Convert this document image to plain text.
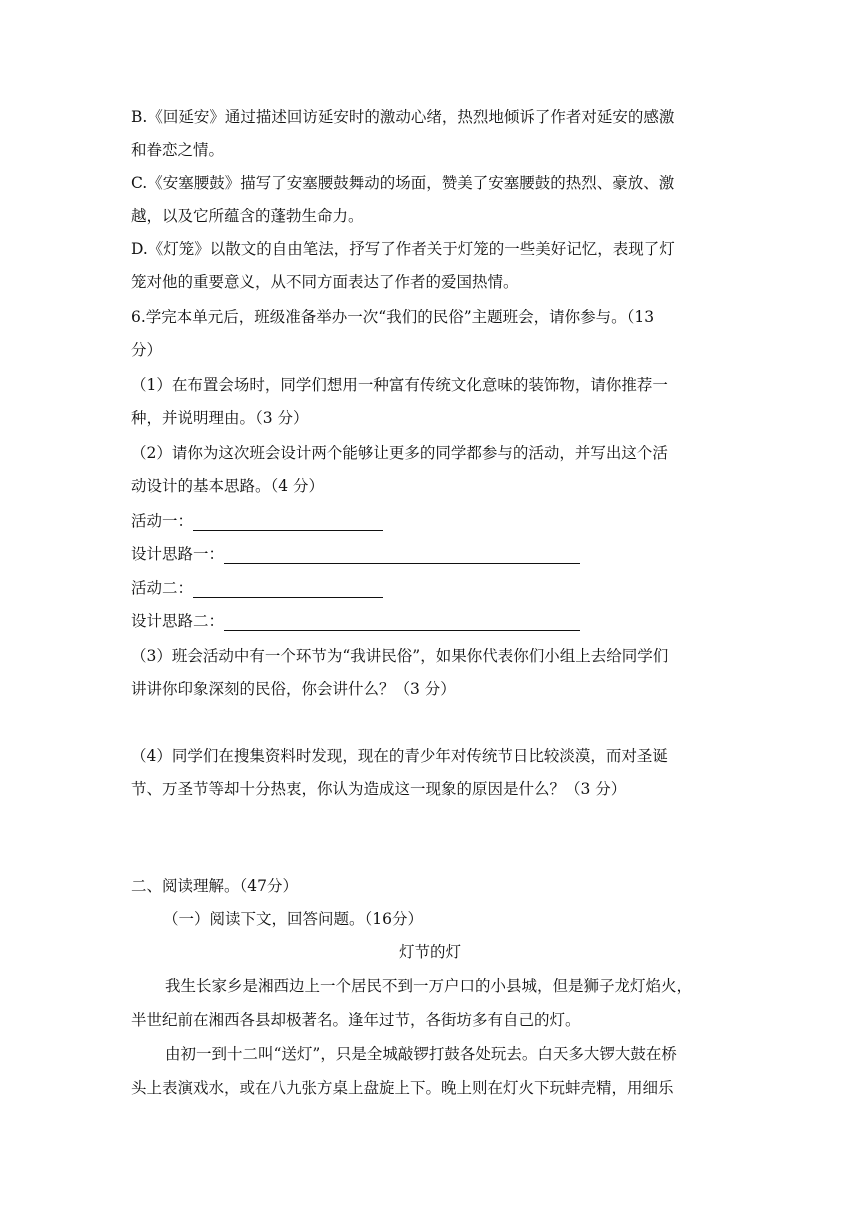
B.《回延安》通过描述回访延安时的激动心绪，热烈地倾诉了作者对延安的感激
和眷恋之情。
C.《安塞腰鼓》描写了安塞腰鼓舞动的场面，赞美了安塞腰鼓的热烈、豪放、激
越，以及它所蕴含的蓬勃生命力。
D.《灯笼》以散文的自由笔法，抒写了作者关于灯笼的一些美好记忆，表现了灯
笼对他的重要意义，从不同方面表达了作者的爱国热情。
6.学完本单元后，班级准备举办一次“我们的民俗”主题班会，请你参与。（13
分）
（1）在布置会场时，同学们想用一种富有传统文化意味的装饰物，请你推荐一
种，并说明理由。（3 分）
（2）请你为这次班会设计两个能够让更多的同学都参与的活动，并写出这个活
动设计的基本思路。（4 分）
活动一：
设计思路一：
活动二：
设计思路二：
（3）班会活动中有一个环节为“我讲民俗”，如果你代表你们小组上去给同学们
讲讲你印象深刻的民俗，你会讲什么？（3 分）
（4）同学们在搜集资料时发现，现在的青少年对传统节日比较淡漠，而对圣诞
节、万圣节等却十分热衷，你认为造成这一现象的原因是什么？（3 分）
二、阅读理解。（47分）
（一）阅读下文，回答问题。（16分）
灯节的灯
我生长家乡是湘西边上一个居民不到一万户口的小县城，但是狮子龙灯焰火，
半世纪前在湘西各县却极著名。逢年过节，各街坊多有自己的灯。
由初一到十二叫“送灯”，只是全城敲锣打鼓各处玩去。白天多大锣大鼓在桥
头上表演戏水，或在八九张方桌上盘旋上下。晚上则在灯火下玩蚌壳精，用细乐
